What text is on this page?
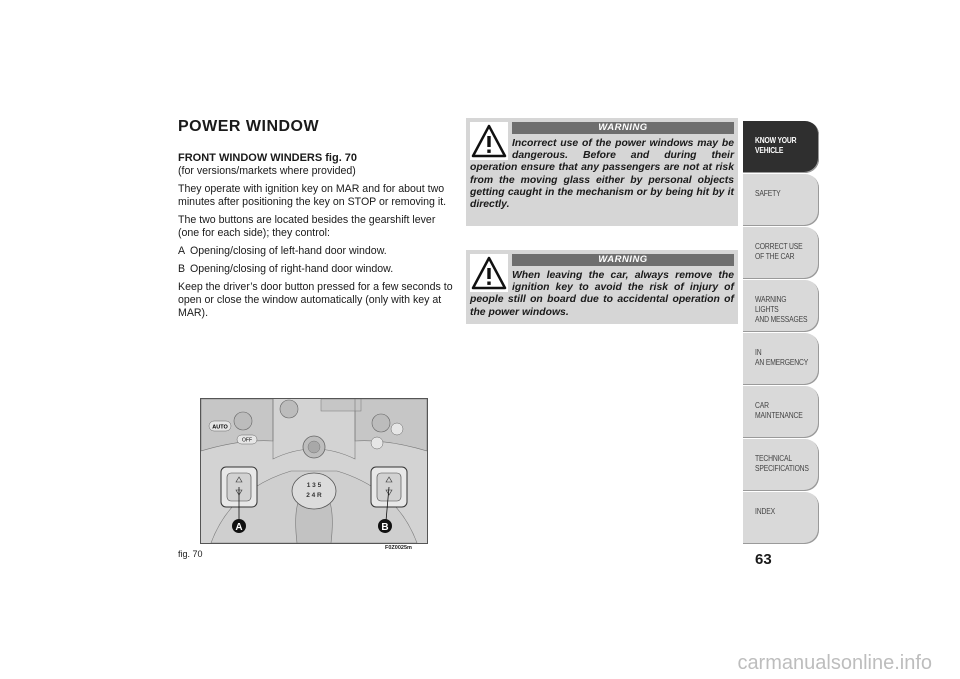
POWER WINDOW
FRONT WINDOW WINDERS fig. 70

(for versions/markets where provided)

They operate with ignition key on MAR and for about two minutes after positioning the key on STOP or removing it.

The two buttons are located besides the gearshift lever (one for each side); they control:

A Opening/closing of left-hand door window.
B Opening/closing of right-hand door window.

Keep the driver’s door button pressed for a few seconds to open or close the window automatically (only with key at MAR).

WARNING
Incorrect use of the power windows may be dangerous. Before and during their operation ensure that any passengers are not at risk from the moving glass either by personal objects getting caught in the mechanism or by being hit by it directly.
WARNING
When leaving the car, always remove the ignition key to avoid the risk of injury of people still on board due to accidental operation of the power windows.
AUTO
OFF
1 3 5
2 4 R
A	B
fig. 70
F0Z0025m
63
KNOW YOUR
VEHICLE
SAFETY
CORRECT USE
OF THE CAR
WARNING LIGHTS
AND MESSAGES
IN
AN EMERGENCY
CAR
MAINTENANCE
TECHNICAL
SPECIFICATIONS
INDEX
carmanualsonline.info
